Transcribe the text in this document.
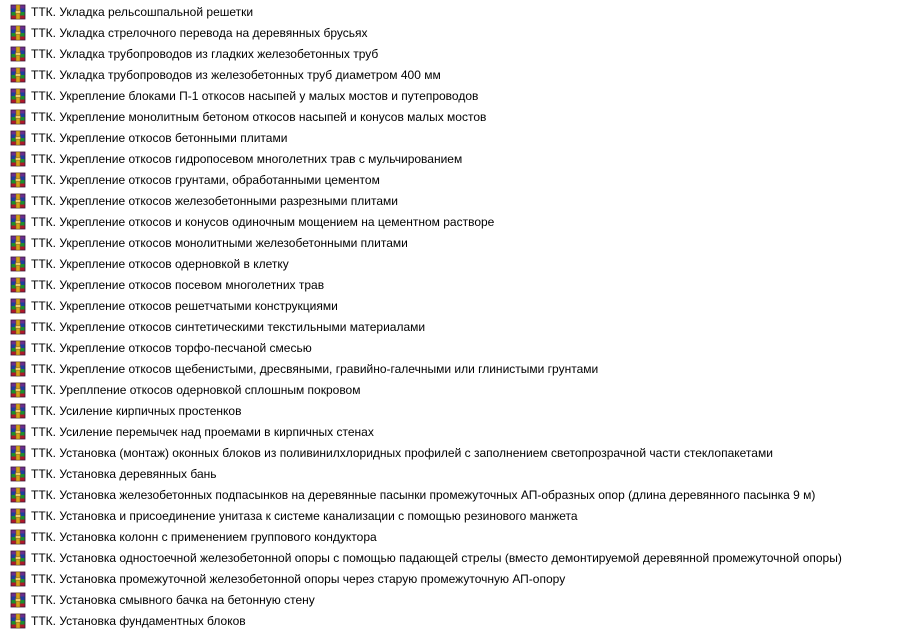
ТТК. Укладка рельсошпальной решетки
ТТК. Укладка стрелочного перевода на деревянных брусьях
ТТК. Укладка трубопроводов из гладких железобетонных труб
ТТК. Укладка трубопроводов из железобетонных труб диаметром 400 мм
ТТК. Укрепление блоками П-1 откосов насыпей у малых мостов и путепроводов
ТТК. Укрепление монолитным бетоном откосов насыпей и конусов малых мостов
ТТК. Укрепление откосов бетонными плитами
ТТК. Укрепление откосов гидропосевом многолетних трав с мульчированием
ТТК. Укрепление откосов грунтами, обработанными цементом
ТТК. Укрепление откосов железобетонными разрезными плитами
ТТК. Укрепление откосов и конусов одиночным мощением на цементном растворе
ТТК. Укрепление откосов монолитными железобетонными плитами
ТТК. Укрепление откосов одерновкой в клетку
ТТК. Укрепление откосов посевом многолетних трав
ТТК. Укрепление откосов решетчатыми конструкциями
ТТК. Укрепление откосов синтетическими текстильными материалами
ТТК. Укрепление откосов торфо-песчаной смесью
ТТК. Укрепление откосов щебенистыми, дресвяными, гравийно-галечными или глинистыми грунтами
ТТК. Уреплпение откосов одерновкой сплошным покровом
ТТК. Усиление кирпичных простенков
ТТК. Усиление перемычек над проемами в кирпичных стенах
ТТК. Установка (монтаж) оконных блоков из поливинилхлоридных профилей с заполнением светопрозрачной части стеклопакетами
ТТК. Установка деревянных бань
ТТК. Установка железобетонных подпасынков на деревянные пасынки промежуточных АП-образных опор (длина деревянного пасынка 9 м)
ТТК. Установка и присоединение унитаза к системе канализации с помощью резинового манжета
ТТК. Установка колонн с применением группового кондуктора
ТТК. Установка одностоечной железобетонной опоры с помощью падающей стрелы (вместо демонтируемой деревянной промежуточной опоры)
ТТК. Установка промежуточной железобетонной опоры через старую промежуточную АП-опору
ТТК. Установка смывного бачка на бетонную стену
ТТК. Установка фундаментных блоков
